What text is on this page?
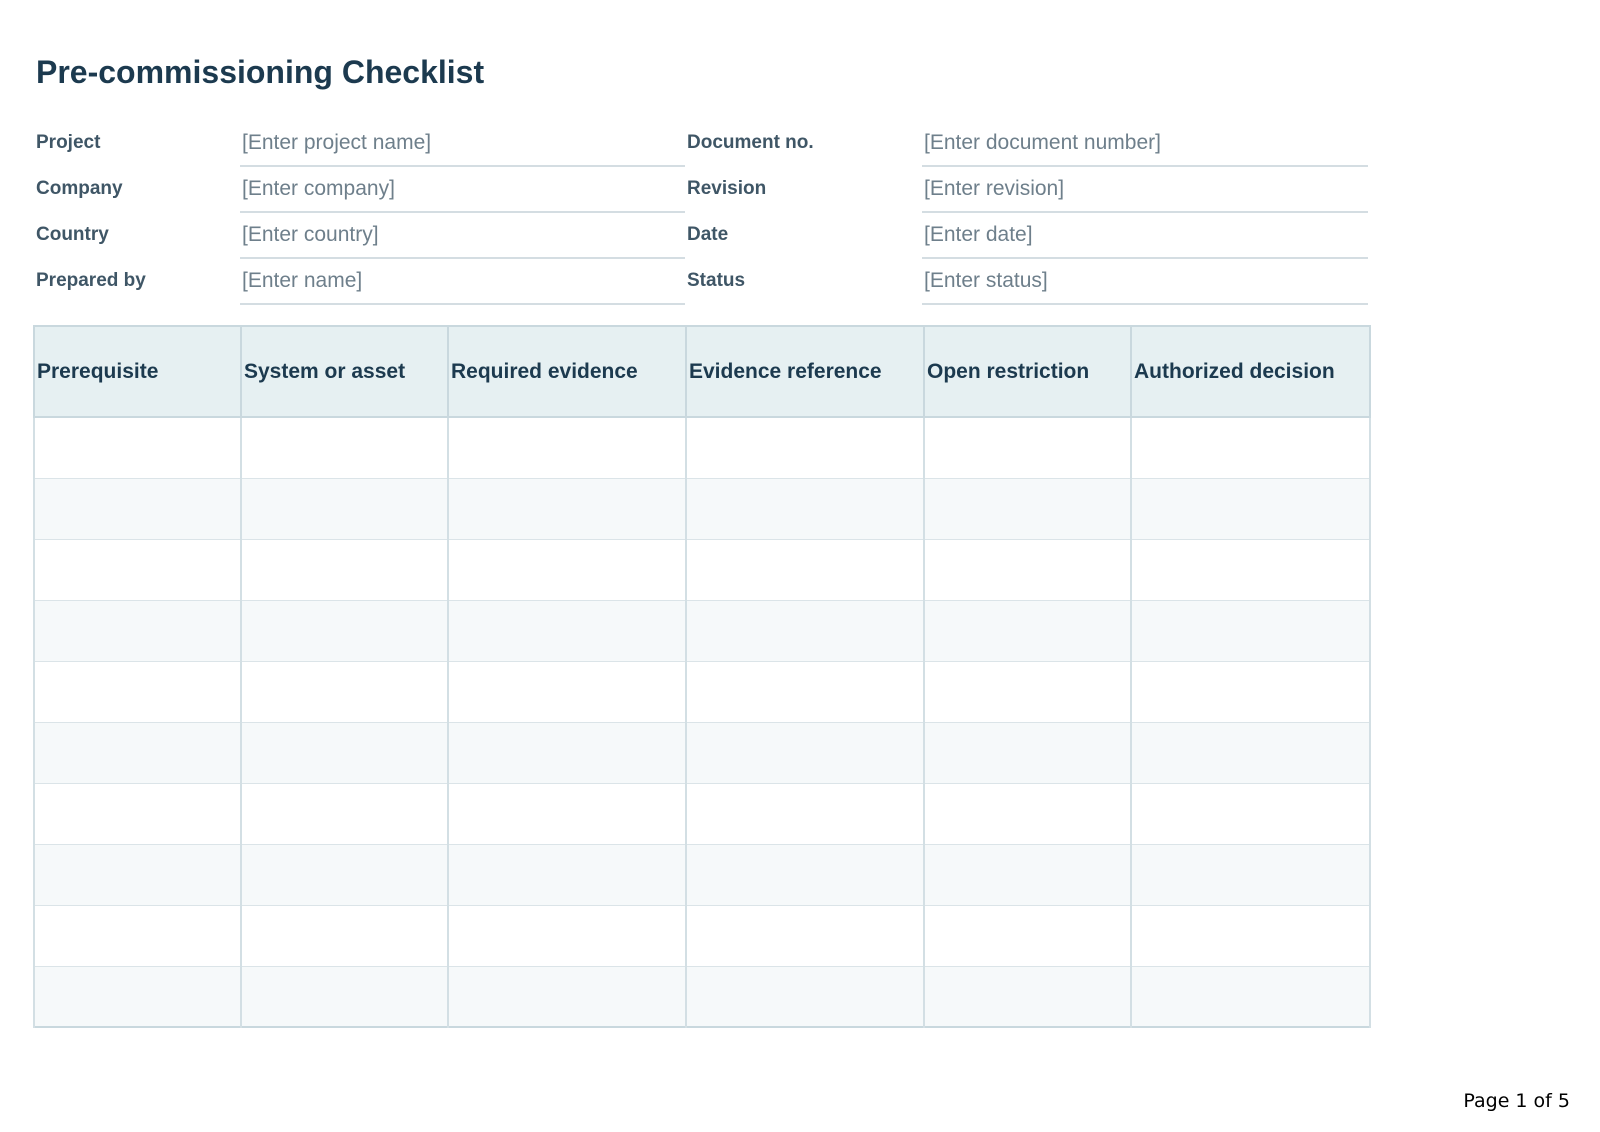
Pre-commissioning Checklist
Project	[Enter project name]	Document no.	[Enter document number]
Company	[Enter company]	Revision	[Enter revision]
Country	[Enter country]	Date	[Enter date]
Prepared by	[Enter name]	Status	[Enter status]
Prerequisite	System or asset	Required evidence	Evidence reference	Open restriction	Authorized decision

Page 1 of 5
